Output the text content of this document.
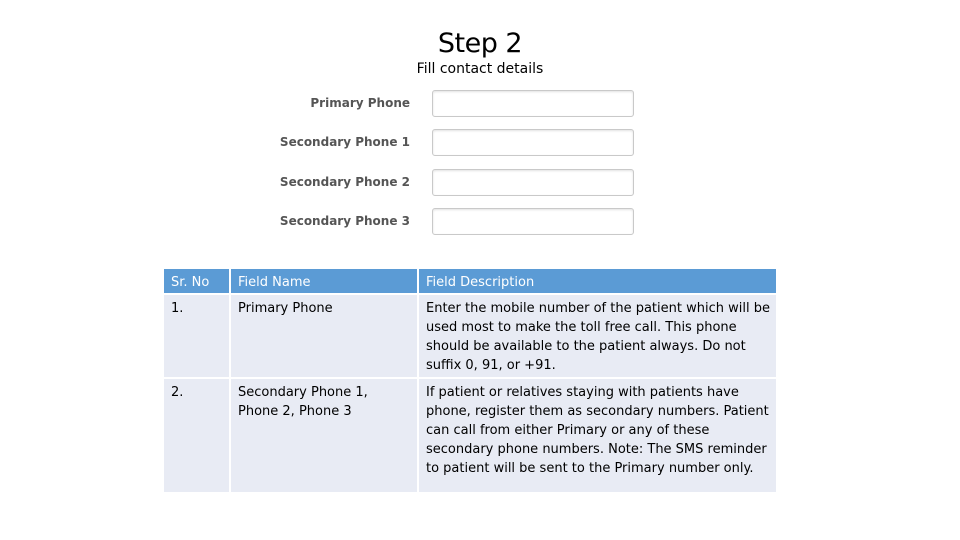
Step 2
Fill contact details
Primary Phone
Secondary Phone 1
Secondary Phone 2
Secondary Phone 3
Sr. No	Field Name	Field Description
1.	Primary Phone	Enter the mobile number of the patient which will be used most to make the toll free call. This phone should be available to the patient always. Do not suffix 0, 91, or +91.
2.	Secondary Phone 1, Phone 2, Phone 3	If patient or relatives staying with patients have phone, register them as secondary numbers. Patient can call from either Primary or any of these secondary phone numbers. Note: The SMS reminder to patient will be sent to the Primary number only.
